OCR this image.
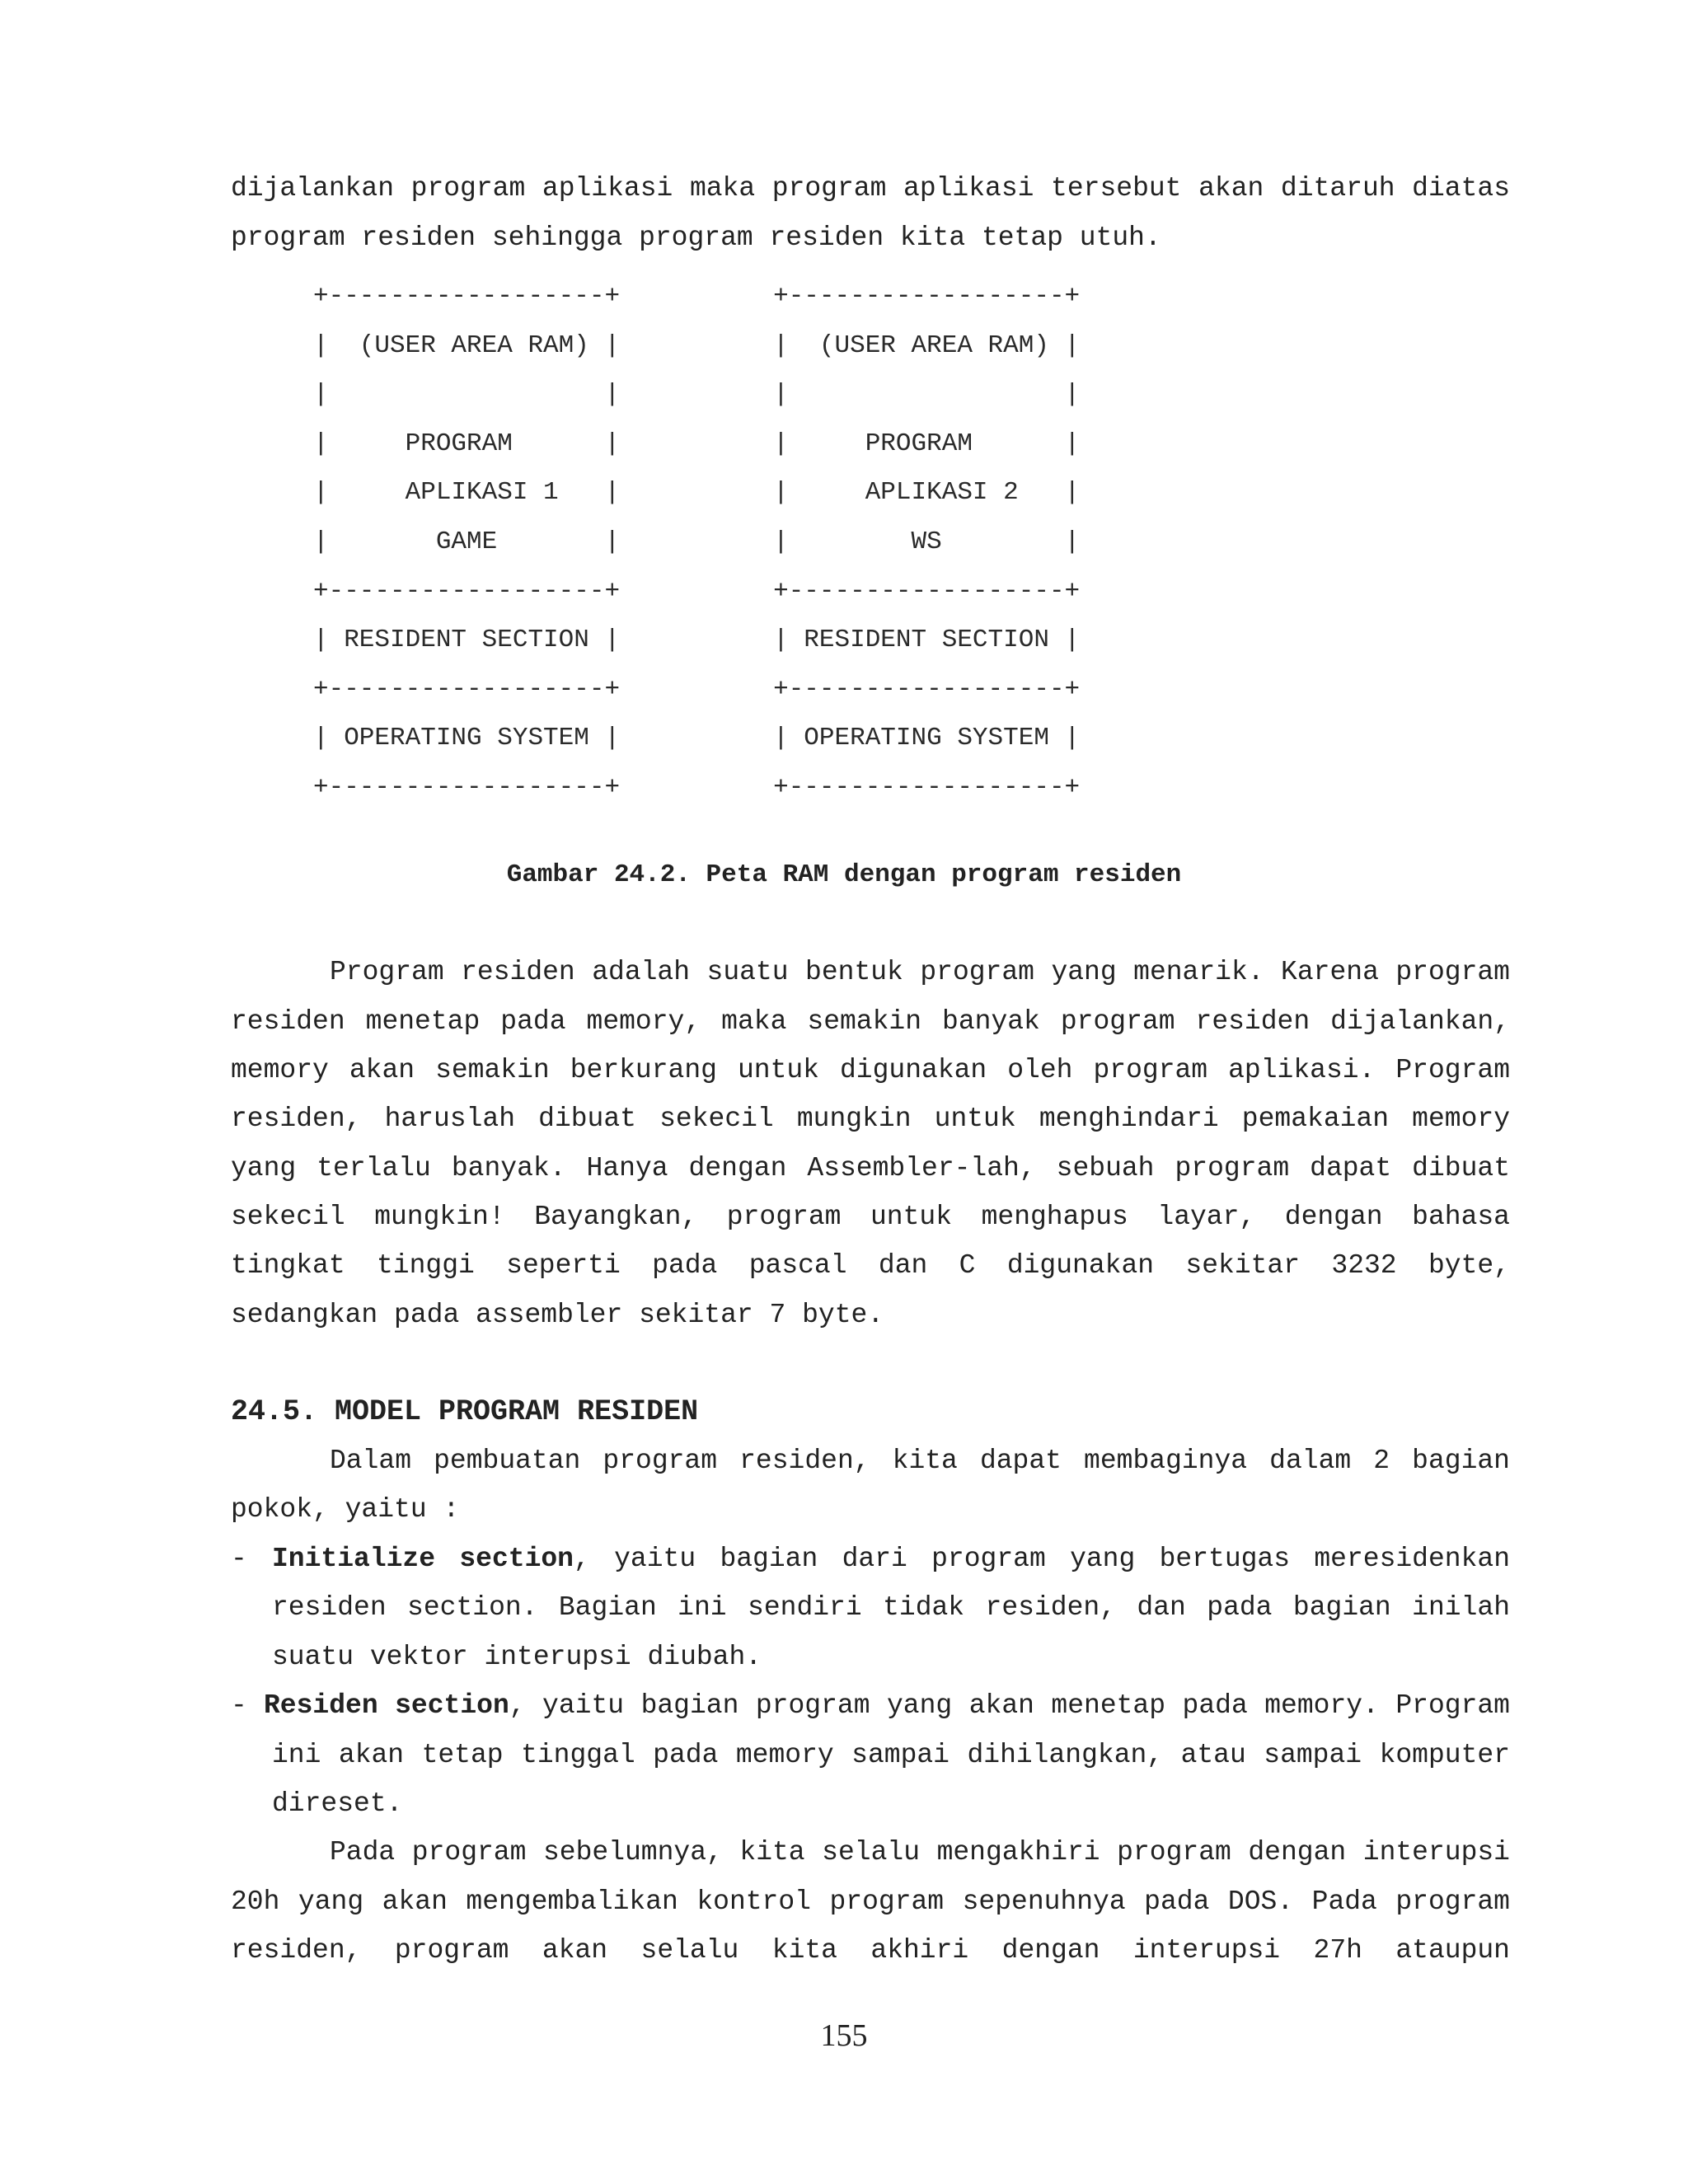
dijalankan program aplikasi maka program aplikasi tersebut akan ditaruh diatas
program residen sehingga program residen kita tetap utuh.
+------------------+          +------------------+
|  (USER AREA RAM) |          |  (USER AREA RAM) |
|                  |          |                  |
|     PROGRAM      |          |     PROGRAM      |
|     APLIKASI 1   |          |     APLIKASI 2   |
|       GAME       |          |        WS        |
+------------------+          +------------------+
| RESIDENT SECTION |          | RESIDENT SECTION |
+------------------+          +------------------+
| OPERATING SYSTEM |          | OPERATING SYSTEM |
+------------------+          +------------------+
Gambar 24.2. Peta RAM dengan program residen
Program residen adalah suatu bentuk program yang menarik. Karena program
residen menetap pada memory, maka semakin banyak program residen dijalankan,
memory akan semakin berkurang untuk digunakan oleh program aplikasi. Program
residen, haruslah dibuat sekecil mungkin untuk menghindari pemakaian memory
yang terlalu banyak. Hanya dengan Assembler-lah, sebuah program dapat dibuat
sekecil mungkin! Bayangkan, program untuk menghapus layar, dengan bahasa
tingkat tinggi seperti pada pascal dan C digunakan sekitar 3232 byte,
sedangkan pada assembler sekitar 7 byte.
24.5. MODEL PROGRAM RESIDEN
Dalam pembuatan program residen, kita dapat membaginya dalam 2 bagian
pokok, yaitu :
- Initialize section, yaitu bagian dari program yang bertugas meresidenkan
residen section. Bagian ini sendiri tidak residen, dan pada bagian inilah
suatu vektor interupsi diubah.
- Residen section, yaitu bagian program yang akan menetap pada memory. Program
ini akan tetap tinggal pada memory sampai dihilangkan, atau sampai komputer
direset.
Pada program sebelumnya, kita selalu mengakhiri program dengan interupsi
20h yang akan mengembalikan kontrol program sepenuhnya pada DOS. Pada program
residen, program akan selalu kita akhiri dengan interupsi 27h ataupun
155
